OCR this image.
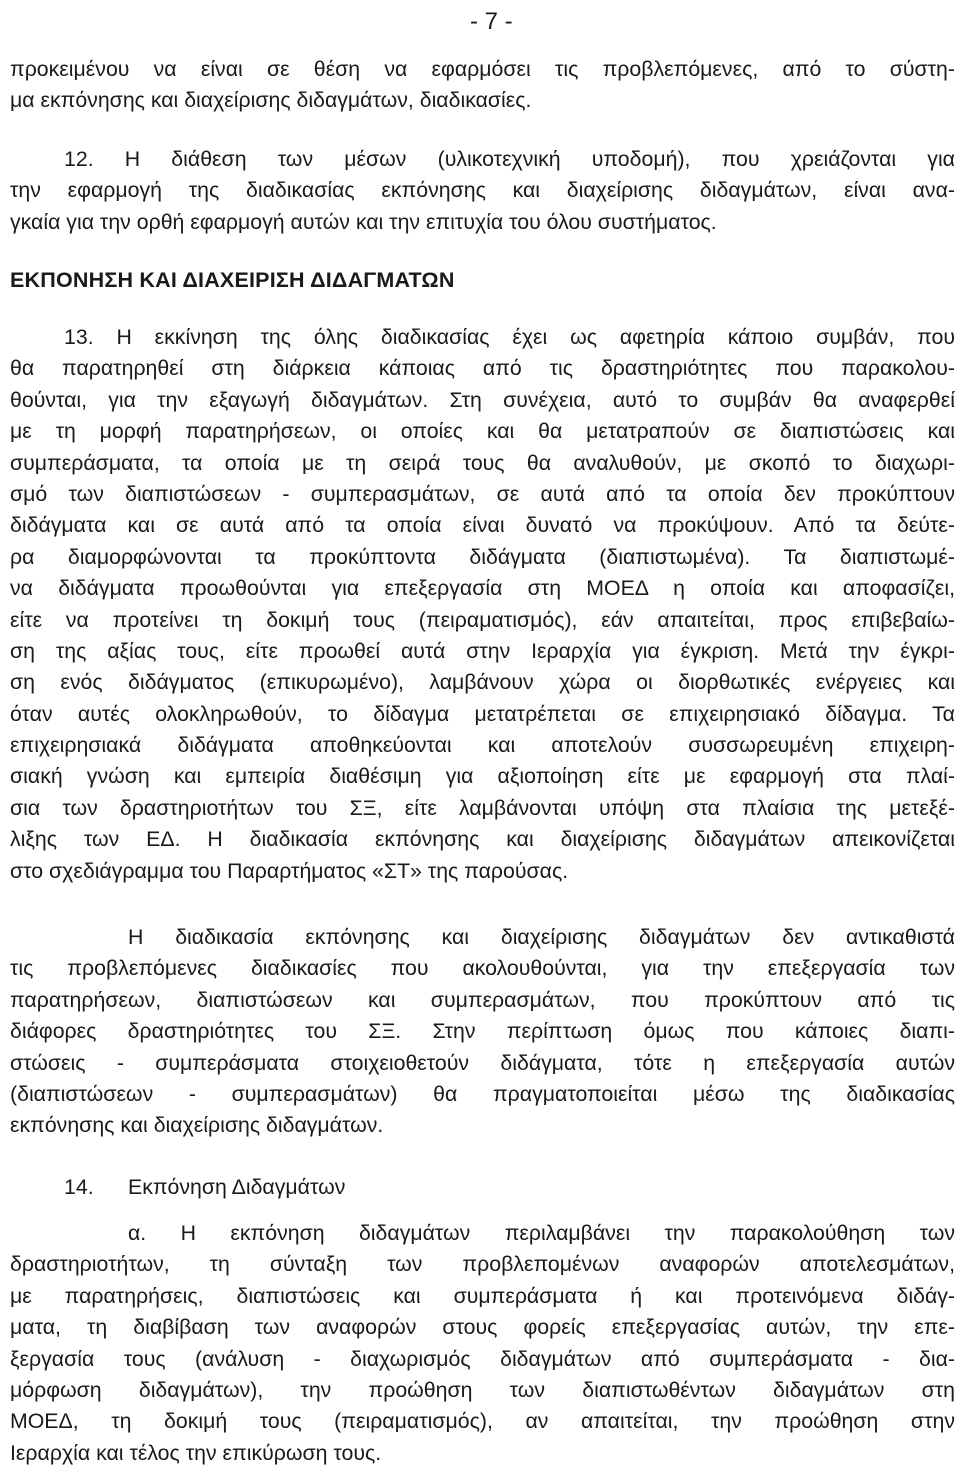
- 7 -
προκειμένου να είναι σε θέση να εφαρμόσει τις προβλεπόμενες, από το σύστη-
μα εκπόνησης και διαχείρισης διδαγμάτων, διαδικασίες.
12. Η διάθεση των μέσων (υλικοτεχνική υποδομή), που χρειάζονται για
την εφαρμογή της διαδικασίας εκπόνησης και διαχείρισης διδαγμάτων, είναι ανα-
γκαία για την ορθή εφαρμογή αυτών και την επιτυχία του όλου συστήματος.
ΕΚΠΟΝΗΣΗ ΚΑΙ ΔΙΑΧΕΙΡΙΣΗ ΔΙΔΑΓΜΑΤΩΝ
13. Η εκκίνηση της όλης διαδικασίας έχει ως αφετηρία κάποιο συμβάν, που
θα παρατηρηθεί στη διάρκεια κάποιας από τις δραστηριότητες που παρακολου-
θούνται, για την εξαγωγή διδαγμάτων. Στη συνέχεια, αυτό το συμβάν θα αναφερθεί
με τη μορφή παρατηρήσεων, οι οποίες και θα μετατραπούν σε διαπιστώσεις και
συμπεράσματα, τα οποία με τη σειρά τους θα αναλυθούν, με σκοπό το διαχωρι-
σμό των διαπιστώσεων - συμπερασμάτων, σε αυτά από τα οποία δεν προκύπτουν
διδάγματα και σε αυτά από τα οποία είναι δυνατό να προκύψουν. Από τα δεύτε-
ρα διαμορφώνονται τα προκύπτοντα διδάγματα (διαπιστωμένα). Τα διαπιστωμέ-
να διδάγματα προωθούνται για επεξεργασία στη ΜΟΕΔ η οποία και αποφασίζει,
είτε να προτείνει τη δοκιμή τους (πειραματισμός), εάν απαιτείται, προς επιβεβαίω-
ση της αξίας τους, είτε προωθεί αυτά στην Ιεραρχία για έγκριση. Μετά την έγκρι-
ση ενός διδάγματος (επικυρωμένο), λαμβάνουν χώρα οι διορθωτικές ενέργειες και
όταν αυτές ολοκληρωθούν, το δίδαγμα μετατρέπεται σε επιχειρησιακό δίδαγμα. Τα
επιχειρησιακά διδάγματα αποθηκεύονται και αποτελούν συσσωρευμένη επιχειρη-
σιακή γνώση και εμπειρία διαθέσιμη για αξιοποίηση είτε με εφαρμογή στα πλαί-
σια των δραστηριοτήτων του ΣΞ, είτε λαμβάνονται υπόψη στα πλαίσια της μετεξέ-
λιξης των ΕΔ. Η διαδικασία εκπόνησης και διαχείρισης διδαγμάτων απεικονίζεται
στο σχεδιάγραμμα του Παραρτήματος «ΣΤ» της παρούσας.
Η διαδικασία εκπόνησης και διαχείρισης διδαγμάτων δεν αντικαθιστά
τις προβλεπόμενες διαδικασίες που ακολουθούνται, για την επεξεργασία των
παρατηρήσεων, διαπιστώσεων και συμπερασμάτων, που προκύπτουν από τις
διάφορες δραστηριότητες του ΣΞ. Στην περίπτωση όμως που κάποιες διαπι-
στώσεις - συμπεράσματα στοιχειοθετούν διδάγματα, τότε η επεξεργασία αυτών
(διαπιστώσεων - συμπερασμάτων) θα πραγματοποιείται μέσω της διαδικασίας
εκπόνησης και διαχείρισης διδαγμάτων.
14. Εκπόνηση Διδαγμάτων
α. Η εκπόνηση διδαγμάτων περιλαμβάνει την παρακολούθηση των
δραστηριοτήτων, τη σύνταξη των προβλεπομένων αναφορών αποτελεσμάτων,
με παρατηρήσεις, διαπιστώσεις και συμπεράσματα ή και προτεινόμενα διδάγ-
ματα, τη διαβίβαση των αναφορών στους φορείς επεξεργασίας αυτών, την επε-
ξεργασία τους (ανάλυση - διαχωρισμός διδαγμάτων από συμπεράσματα - δια-
μόρφωση διδαγμάτων), την προώθηση των διαπιστωθέντων διδαγμάτων στη
ΜΟΕΔ, τη δοκιμή τους (πειραματισμός), αν απαιτείται, την προώθηση στην
Ιεραρχία και τέλος την επικύρωση τους.
